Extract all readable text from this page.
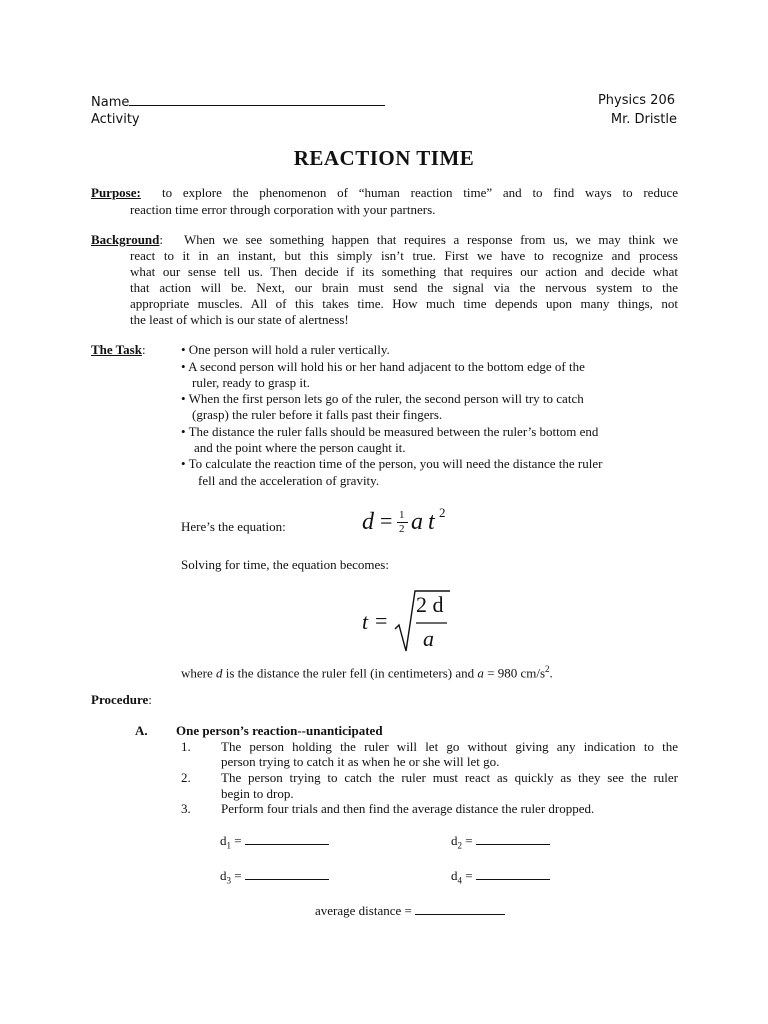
Name
Activity
Physics 206
Mr. Dristle
REACTION TIME
Purpose:	to explore the phenomenon of “human reaction time” and to find ways to reduce
reaction time error through corporation with your partners.
Background: When we see something happen that requires a response from us, we may think we
react to it in an instant, but this simply isn’t true. First we have to recognize and process
what our sense tell us. Then decide if its something that requires our action and decide what
that action will be. Next, our brain must send the signal via the nervous system to the
appropriate muscles. All of this takes time. How much time depends upon many things, not
the least of which is our state of alertness!
The Task:	• One person will hold a ruler vertically.
• A second person will hold his or her hand adjacent to the bottom edge of the
ruler, ready to grasp it.
• When the first person lets go of the ruler, the second person will try to catch
(grasp) the ruler before it falls past their fingers.
• The distance the ruler falls should be measured between the ruler’s bottom end
and the point where the person caught it.
• To calculate the reaction time of the person, you will need the distance the ruler
fell and the acceleration of gravity.
Here’s the equation:	d = 1
2 a t 2
Solving for time, the equation becomes:
t =
2 d
a
where d is the distance the ruler fell (in centimeters) and a = 980 $cm/s^2$.
Procedure:
A. One person’s reaction--unanticipated
1. The person holding the ruler will let go without giving any indication to the
person trying to catch it as when he or she will let go.
2. The person trying to catch the ruler must react as quickly as they see the ruler
begin to drop.
3. Perform four trials and then find the average distance the ruler dropped.
$d_1$ =	$d_2$ =
$d_3$ =	$d_4$ =
average distance =
